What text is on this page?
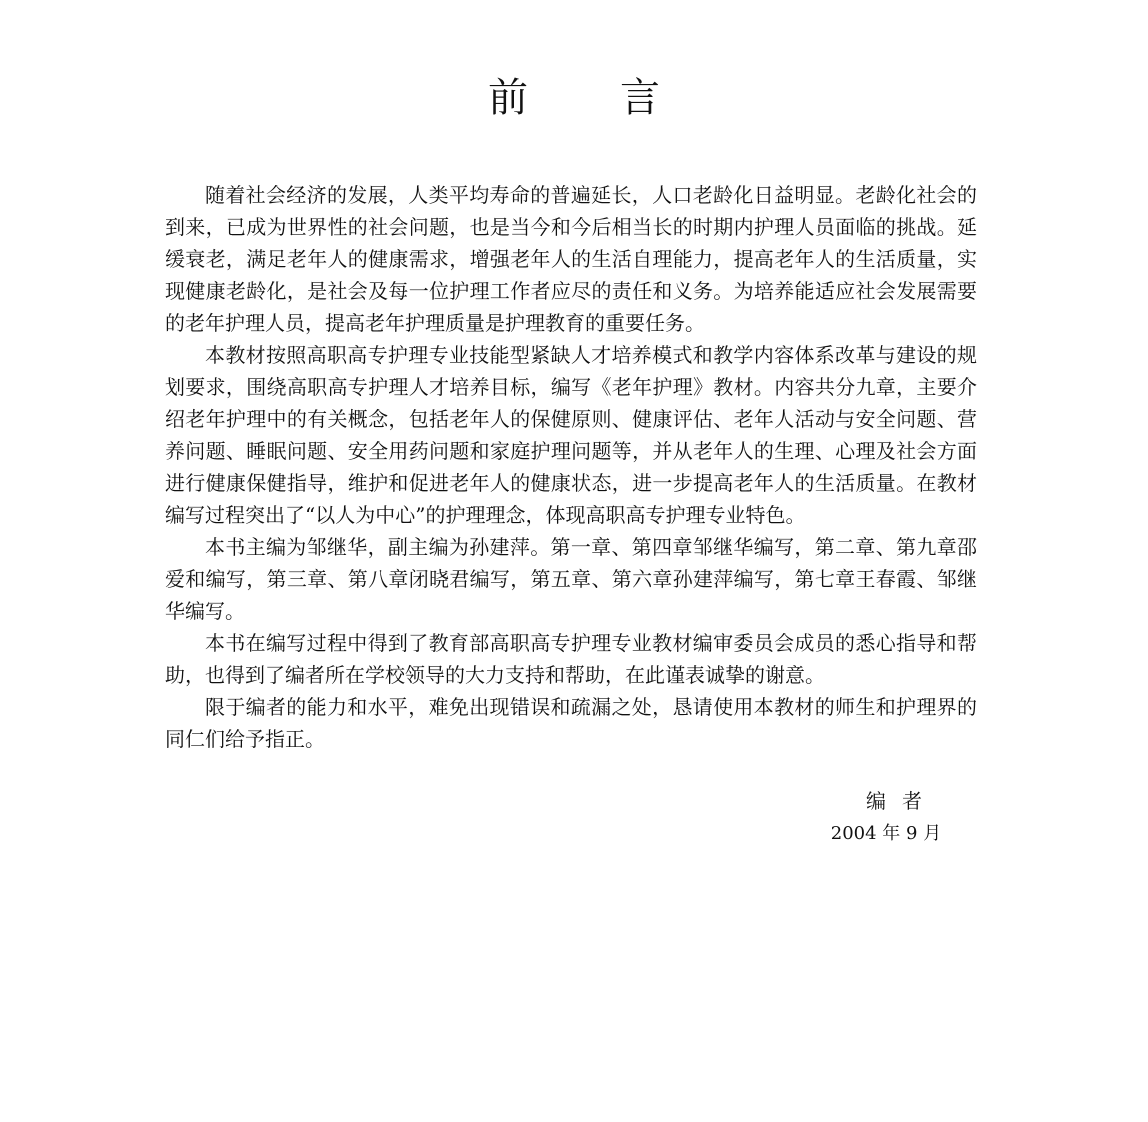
前 言

随着社会经济的发展，人类平均寿命的普遍延长，人口老龄化日益明显。老龄化社会的到来，已成为世界性的社会问题，也是当今和今后相当长的时期内护理人员面临的挑战。延缓衰老，满足老年人的健康需求，增强老年人的生活自理能力，提高老年人的生活质量，实现健康老龄化，是社会及每一位护理工作者应尽的责任和义务。为培养能适应社会发展需要的老年护理人员，提高老年护理质量是护理教育的重要任务。

本教材按照高职高专护理专业技能型紧缺人才培养模式和教学内容体系改革与建设的规划要求，围绕高职高专护理人才培养目标，编写《老年护理》教材。内容共分九章，主要介绍老年护理中的有关概念，包括老年人的保健原则、健康评估、老年人活动与安全问题、营养问题、睡眠问题、安全用药问题和家庭护理问题等，并从老年人的生理、心理及社会方面进行健康保健指导，维护和促进老年人的健康状态，进一步提高老年人的生活质量。在教材编写过程突出了“以人为中心”的护理理念，体现高职高专护理专业特色。

本书主编为邹继华，副主编为孙建萍。第一章、第四章邹继华编写，第二章、第九章邵爱和编写，第三章、第八章闭晓君编写，第五章、第六章孙建萍编写，第七章王春霞、邹继华编写。

本书在编写过程中得到了教育部高职高专护理专业教材编审委员会成员的悉心指导和帮助，也得到了编者所在学校领导的大力支持和帮助，在此谨表诚挚的谢意。

限于编者的能力和水平，难免出现错误和疏漏之处，恳请使用本教材的师生和护理界的同仁们给予指正。

编者
2004 年 9 月
